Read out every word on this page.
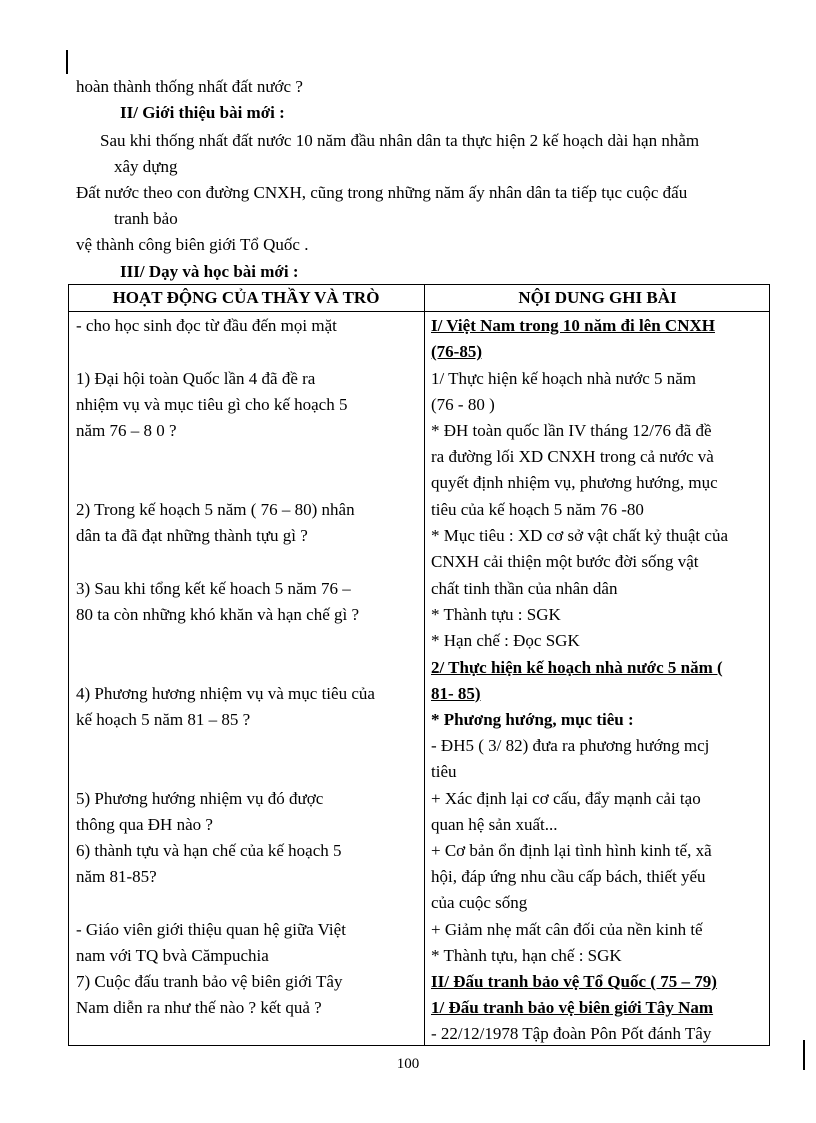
hoàn thành thống nhất đất nước ?
II/ Giới thiệu bài mới :
Sau khi thống nhất đất nước 10 năm đầu nhân dân ta thực hiện 2 kế hoạch dài hạn nhằm
xây dựng
Đất nước theo con đường CNXH, cũng trong những năm ấy nhân dân ta tiếp tục cuộc đấu
tranh bảo
vệ thành công biên giới Tổ Quốc .
III/ Dạy và học bài mới :
HOẠT ĐỘNG CỦA THẦY VÀ TRÒ	NỘI DUNG GHI BÀI
- cho học sinh đọc từ đầu đến mọi mặt
1) Đại hội toàn Quốc lần 4 đã đề ra
nhiệm vụ và mục tiêu gì cho kế hoạch 5
năm 76 – 8 0 ?
2) Trong kế hoạch 5 năm ( 76 – 80) nhân
dân ta đã đạt những thành tựu gì ?
3) Sau khi tổng kết kế hoach 5 năm 76 –
80 ta còn những khó khăn và hạn chế gì ?
4) Phương hương nhiệm vụ và mục tiêu của
kế hoạch 5 năm 81 – 85 ?
5) Phương hướng nhiệm vụ đó được
thông qua ĐH nào ?
6) thành tựu và hạn chế của kế hoạch 5
năm 81-85?
- Giáo viên giới thiệu quan hệ giữa Việt
nam với TQ bvà Cămpuchia
7) Cuộc đấu tranh bảo vệ biên giới Tây
Nam diễn ra như thế nào ? kết quả ?
I/ Việt Nam trong 10 năm đi lên CNXH
(76-85)
1/ Thực hiện kế hoạch nhà nước 5 năm
(76 - 80 )
* ĐH toàn quốc lần IV tháng 12/76 đã đề
ra đường lối XD CNXH trong cả nước và
quyết định nhiệm vụ, phương hướng, mục
tiêu của kế hoạch 5 năm 76 -80
* Mục tiêu : XD cơ sở vật chất kỷ thuật của
CNXH cải thiện một bước đời sống vật
chất tinh thần của nhân dân
* Thành tựu : SGK
* Hạn chế : Đọc SGK
2/ Thực hiện kế hoạch nhà nước 5 năm (
81- 85)
* Phương hướng, mục tiêu :
- ĐH5 ( 3/ 82) đưa ra phương hướng mcj
tiêu
+ Xác định lại cơ cấu, đẩy mạnh cải tạo
quan hệ sản xuất...
+ Cơ bản ổn định lại tình hình kinh tế, xã
hội, đáp ứng nhu cầu cấp bách, thiết yếu
của cuộc sống
+ Giảm nhẹ mất cân đối của nền kinh tế
* Thành tựu, hạn chế : SGK
II/ Đấu tranh bảo vệ Tổ Quốc ( 75 – 79)
1/ Đấu tranh bảo vệ biên giới Tây Nam
- 22/12/1978 Tập đoàn Pôn Pốt đánh Tây
100
